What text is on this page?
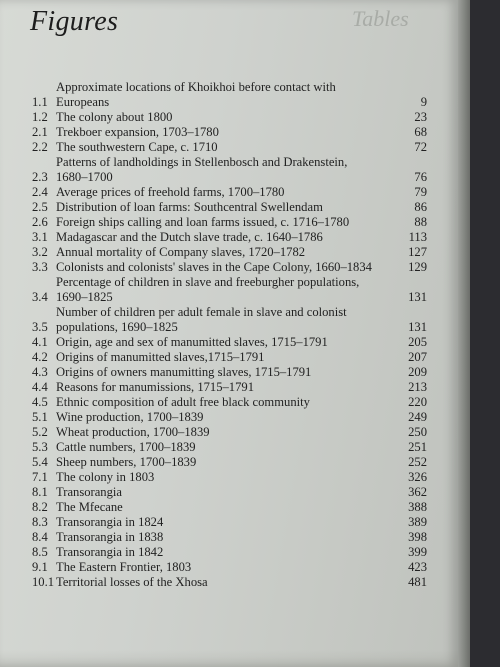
Tables
Figures
1.1
Approximate locations of Khoikhoi before contact with Europeans	9
1.2 The colony about 1800	23
2.1 Trekboer expansion, 1703–1780	68
2.2 The southwestern Cape, c. 1710	72
2.3
Patterns of landholdings in Stellenbosch and Drakenstein, 1680–1700	76
2.4 Average prices of freehold farms, 1700–1780	79
2.5 Distribution of loan farms: Southcentral Swellendam	86
2.6 Foreign ships calling and loan farms issued, c. 1716–1780	88
3.1 Madagascar and the Dutch slave trade, c. 1640–1786	113
3.2 Annual mortality of Company slaves, 1720–1782	127
3.3 Colonists and colonists' slaves in the Cape Colony, 1660–1834	129
3.4
Percentage of children in slave and freeburgher populations, 1690–1825	131
3.5
Number of children per adult female in slave and colonist populations, 1690–1825	131
4.1 Origin, age and sex of manumitted slaves, 1715–1791	205
4.2 Origins of manumitted slaves,1715–1791	207
4.3 Origins of owners manumitting slaves, 1715–1791	209
4.4 Reasons for manumissions, 1715–1791	213
4.5 Ethnic composition of adult free black community	220
5.1 Wine production, 1700–1839	249
5.2 Wheat production, 1700–1839	250
5.3 Cattle numbers, 1700–1839	251
5.4 Sheep numbers, 1700–1839	252
7.1 The colony in 1803	326
8.1 Transorangia	362
8.2 The Mfecane	388
8.3 Transorangia in 1824	389
8.4 Transorangia in 1838	398
8.5 Transorangia in 1842	399
9.1 The Eastern Frontier, 1803	423
10.1 Territorial losses of the Xhosa	481
